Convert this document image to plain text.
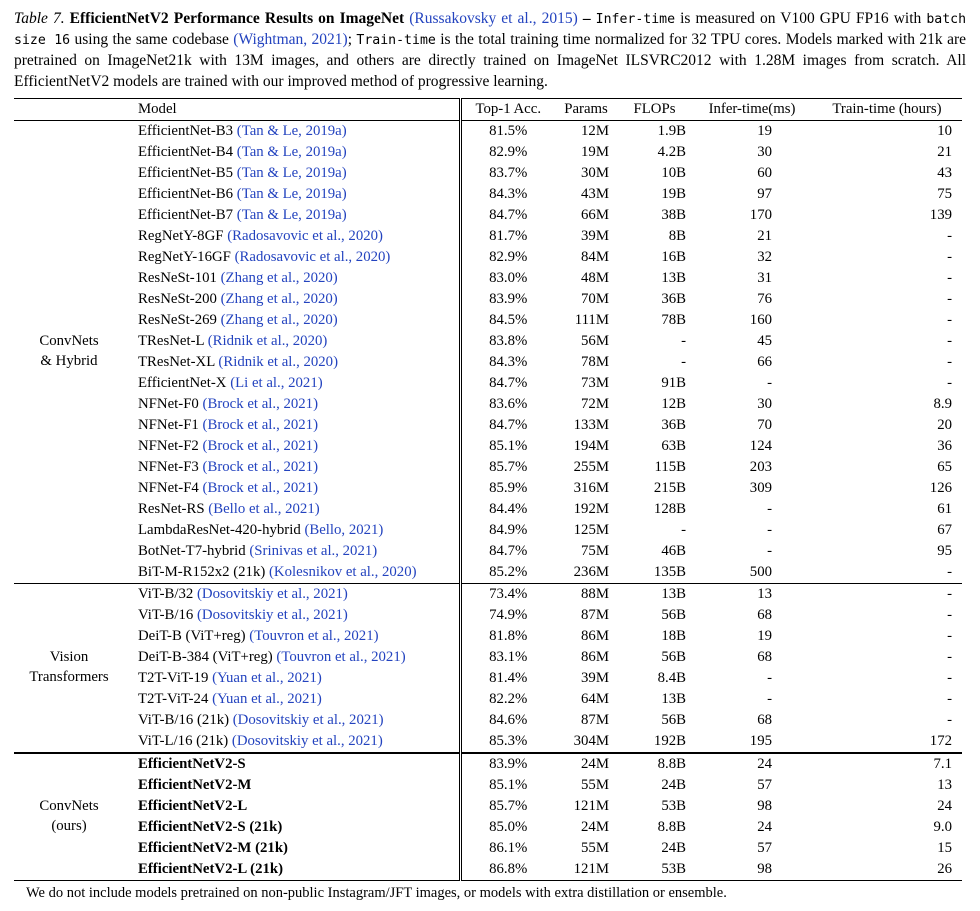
Table 7. EfficientNetV2 Performance Results on ImageNet (Russakovsky et al., 2015) – Infer-time is measured on V100 GPU FP16 with batch size 16 using the same codebase (Wightman, 2021); Train-time is the total training time normalized for 32 TPU cores. Models marked with 21k are pretrained on ImageNet21k with 13M images, and others are directly trained on ImageNet ILSVRC2012 with 1.28M images from scratch. All EfficientNetV2 models are trained with our improved method of progressive learning.

	Model	Top-1 Acc.	Params	FLOPs	Infer-time(ms)	Train-time (hours)
ConvNets
& Hybrid	EfficientNet-B3 (Tan & Le, 2019a)	81.5%	12M	1.9B	19	10
	EfficientNet-B4 (Tan & Le, 2019a)	82.9%	19M	4.2B	30	21
	EfficientNet-B5 (Tan & Le, 2019a)	83.7%	30M	10B	60	43
	EfficientNet-B6 (Tan & Le, 2019a)	84.3%	43M	19B	97	75
	EfficientNet-B7 (Tan & Le, 2019a)	84.7%	66M	38B	170	139
	RegNetY-8GF (Radosavovic et al., 2020)	81.7%	39M	8B	21	-
	RegNetY-16GF (Radosavovic et al., 2020)	82.9%	84M	16B	32	-
	ResNeSt-101 (Zhang et al., 2020)	83.0%	48M	13B	31	-
	ResNeSt-200 (Zhang et al., 2020)	83.9%	70M	36B	76	-
	ResNeSt-269 (Zhang et al., 2020)	84.5%	111M	78B	160	-
	TResNet-L (Ridnik et al., 2020)	83.8%	56M	-	45	-
	TResNet-XL (Ridnik et al., 2020)	84.3%	78M	-	66	-
	EfficientNet-X (Li et al., 2021)	84.7%	73M	91B	-	-
	NFNet-F0 (Brock et al., 2021)	83.6%	72M	12B	30	8.9
	NFNet-F1 (Brock et al., 2021)	84.7%	133M	36B	70	20
	NFNet-F2 (Brock et al., 2021)	85.1%	194M	63B	124	36
	NFNet-F3 (Brock et al., 2021)	85.7%	255M	115B	203	65
	NFNet-F4 (Brock et al., 2021)	85.9%	316M	215B	309	126
	ResNet-RS (Bello et al., 2021)	84.4%	192M	128B	-	61
	LambdaResNet-420-hybrid (Bello, 2021)	84.9%	125M	-	-	67
	BotNet-T7-hybrid (Srinivas et al., 2021)	84.7%	75M	46B	-	95
	BiT-M-R152x2 (21k) (Kolesnikov et al., 2020)	85.2%	236M	135B	500	-
Vision
Transformers	ViT-B/32 (Dosovitskiy et al., 2021)	73.4%	88M	13B	13	-
	ViT-B/16 (Dosovitskiy et al., 2021)	74.9%	87M	56B	68	-
	DeiT-B (ViT+reg) (Touvron et al., 2021)	81.8%	86M	18B	19	-
	DeiT-B-384 (ViT+reg) (Touvron et al., 2021)	83.1%	86M	56B	68	-
	T2T-ViT-19 (Yuan et al., 2021)	81.4%	39M	8.4B	-	-
	T2T-ViT-24 (Yuan et al., 2021)	82.2%	64M	13B	-	-
	ViT-B/16 (21k) (Dosovitskiy et al., 2021)	84.6%	87M	56B	68	-
	ViT-L/16 (21k) (Dosovitskiy et al., 2021)	85.3%	304M	192B	195	172
ConvNets
(ours)	EfficientNetV2-S	83.9%	24M	8.8B	24	7.1
	EfficientNetV2-M	85.1%	55M	24B	57	13
	EfficientNetV2-L	85.7%	121M	53B	98	24
	EfficientNetV2-S (21k)	85.0%	24M	8.8B	24	9.0
	EfficientNetV2-M (21k)	86.1%	55M	24B	57	15
	EfficientNetV2-L (21k)	86.8%	121M	53B	98	26

We do not include models pretrained on non-public Instagram/JFT images, or models with extra distillation or ensemble.
